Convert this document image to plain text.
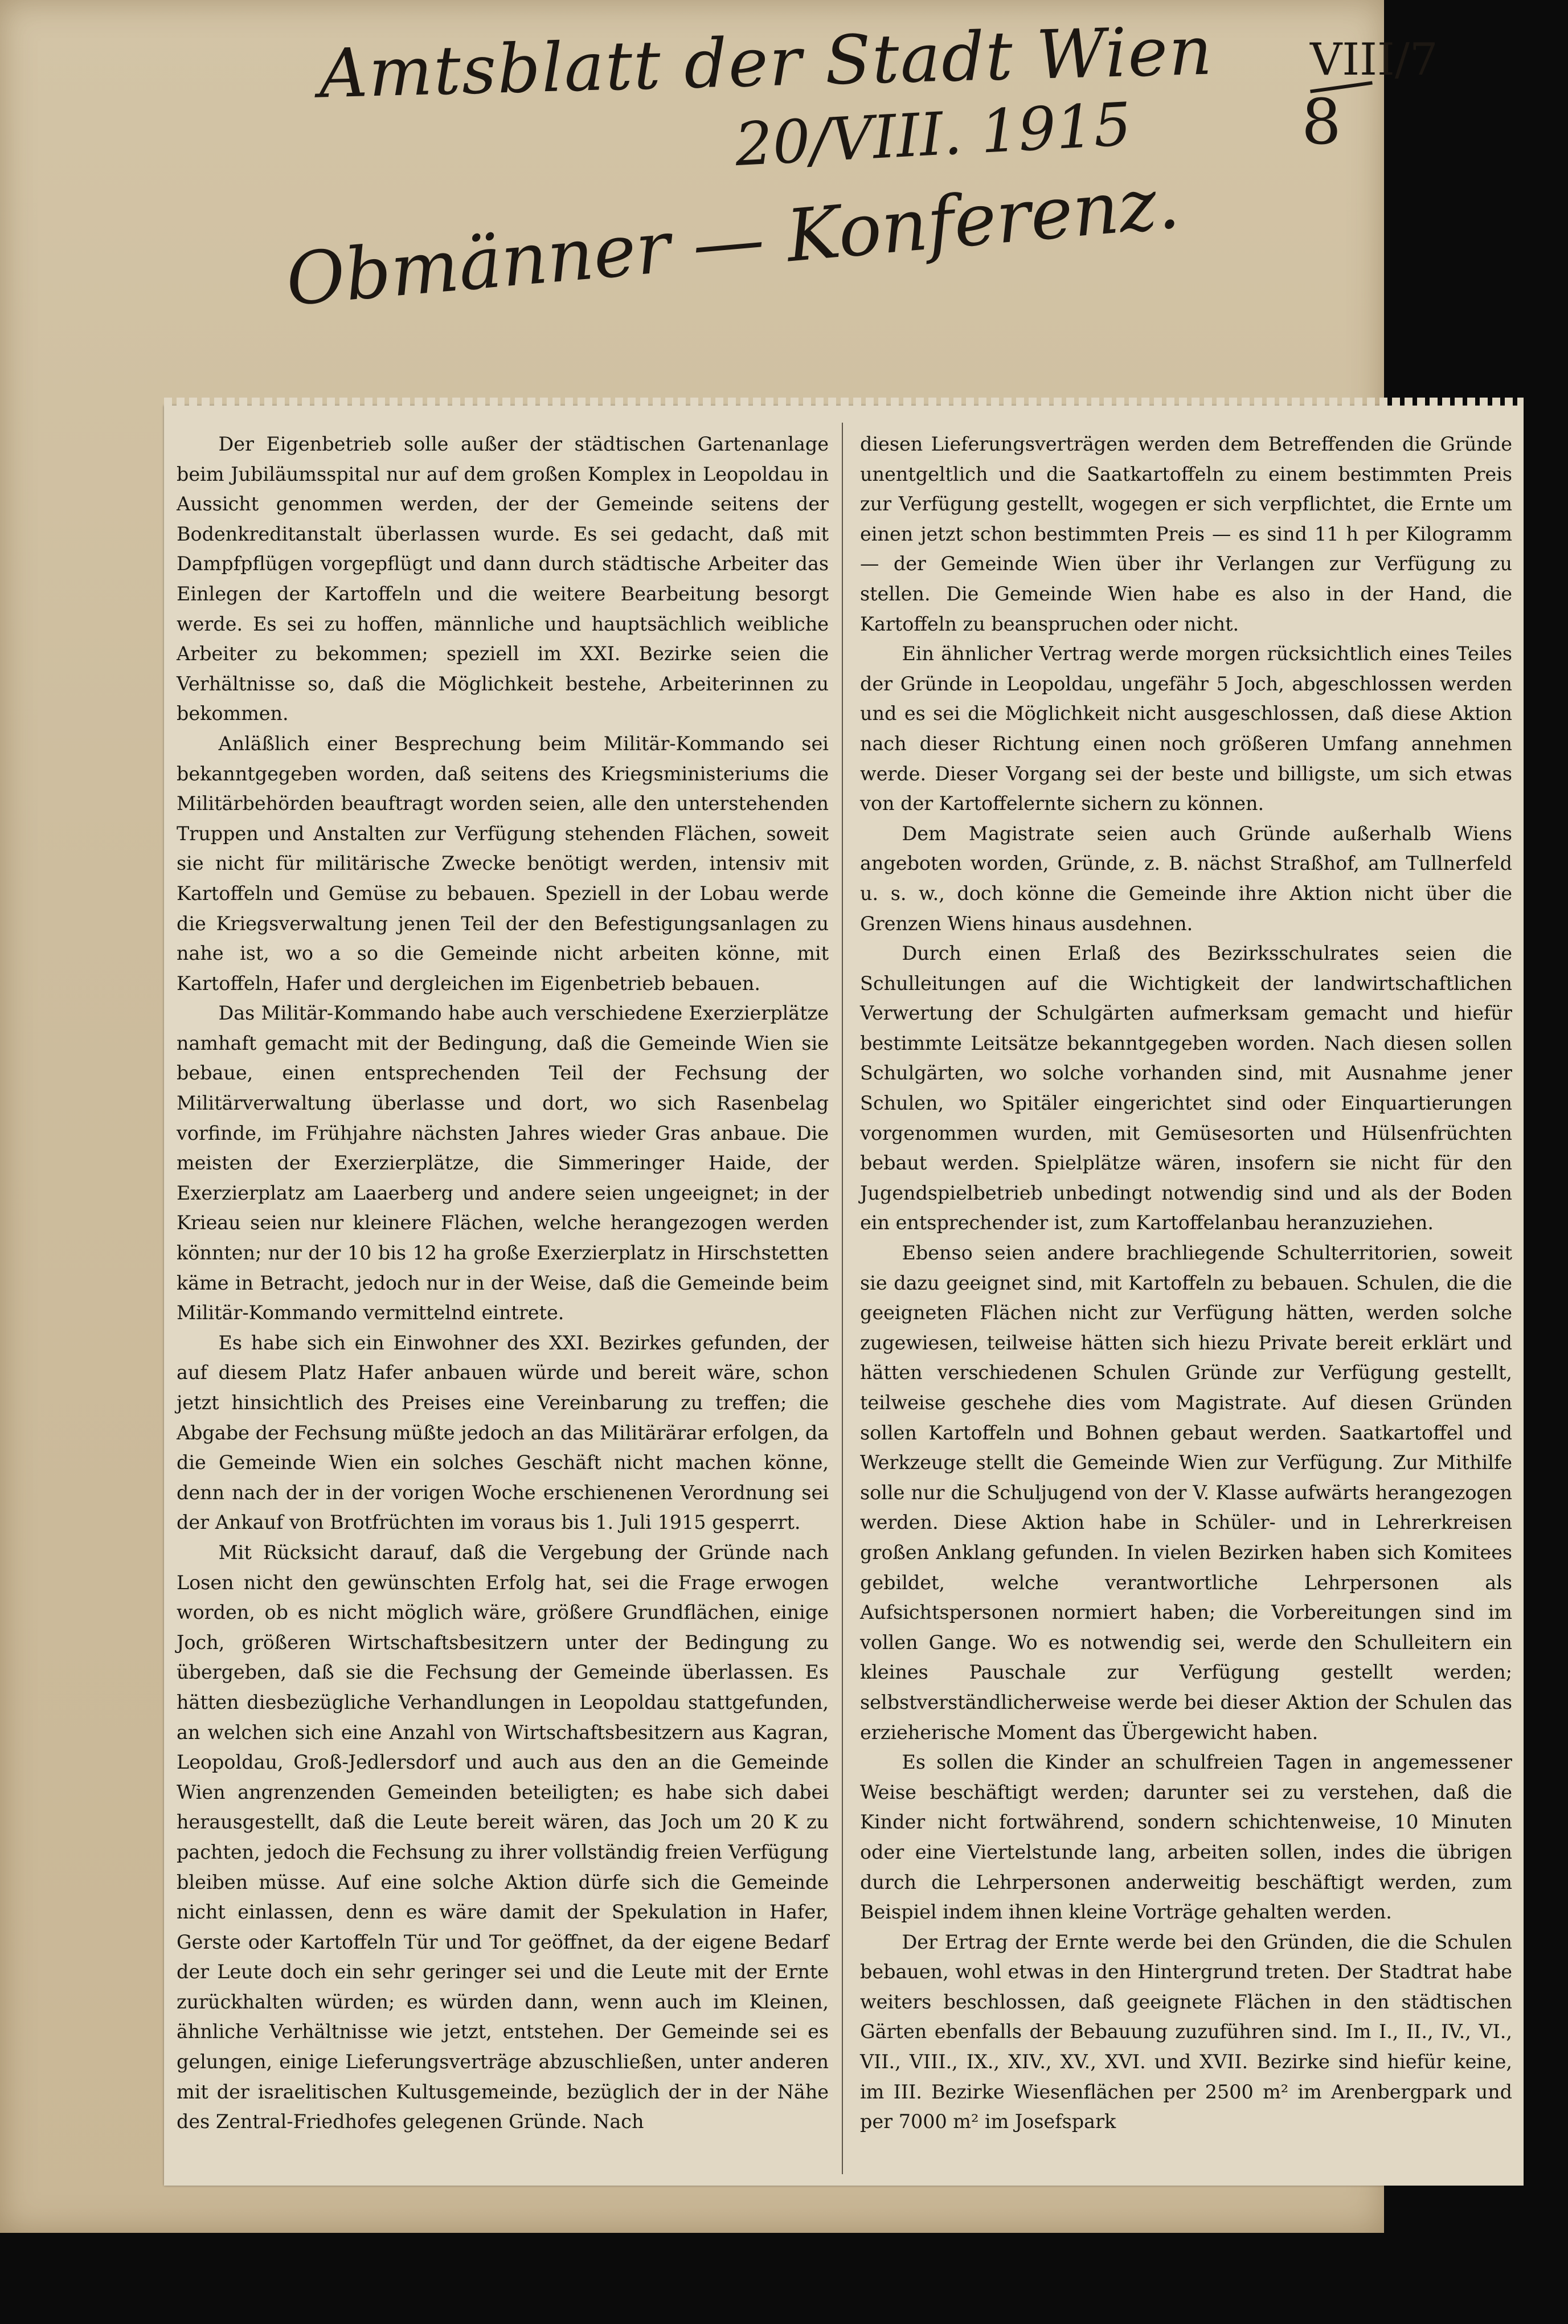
Amtsblatt der Stadt Wien
20/VIII. 1915
Obmänner — Konferenz.
VIII/7
8

Der Eigenbetrieb solle außer der städtischen Gartenanlage beim Jubiläumsspital nur auf dem großen Komplex in Leopoldau in Aussicht genommen werden, der der Gemeinde seitens der Bodenkreditanstalt überlassen wurde. Es sei gedacht, daß mit Dampfpflügen vorgepflügt und dann durch städtische Arbeiter das Einlegen der Kartoffeln und die weitere Bearbeitung besorgt werde. Es sei zu hoffen, männliche und hauptsächlich weibliche Arbeiter zu bekommen; speziell im XXI. Bezirke seien die Verhältnisse so, daß die Möglichkeit bestehe, Arbeiterinnen zu bekommen.

Anläßlich einer Besprechung beim Militär-Kommando sei bekanntgegeben worden, daß seitens des Kriegsministeriums die Militärbehörden beauftragt worden seien, alle den unterstehenden Truppen und Anstalten zur Verfügung stehenden Flächen, soweit sie nicht für militärische Zwecke benötigt werden, intensiv mit Kartoffeln und Gemüse zu bebauen. Speziell in der Lobau werde die Kriegsverwaltung jenen Teil der den Befestigungsanlagen zu nahe ist, wo a so die Gemeinde nicht arbeiten könne, mit Kartoffeln, Hafer und dergleichen im Eigenbetrieb bebauen.

Das Militär-Kommando habe auch verschiedene Exerzierplätze namhaft gemacht mit der Bedingung, daß die Gemeinde Wien sie bebaue, einen entsprechenden Teil der Fechsung der Militärverwaltung überlasse und dort, wo sich Rasenbelag vorfinde, im Frühjahre nächsten Jahres wieder Gras anbaue. Die meisten der Exerzierplätze, die Simmeringer Haide, der Exerzierplatz am Laaerberg und andere seien ungeeignet; in der Krieau seien nur kleinere Flächen, welche herangezogen werden könnten; nur der 10 bis 12 ha große Exerzierplatz in Hirschstetten käme in Betracht, jedoch nur in der Weise, daß die Gemeinde beim Militär-Kommando vermittelnd eintrete.

Es habe sich ein Einwohner des XXI. Bezirkes gefunden, der auf diesem Platz Hafer anbauen würde und bereit wäre, schon jetzt hinsichtlich des Preises eine Vereinbarung zu treffen; die Abgabe der Fechsung müßte jedoch an das Militärärar erfolgen, da die Gemeinde Wien ein solches Geschäft nicht machen könne, denn nach der in der vorigen Woche erschienenen Verordnung sei der Ankauf von Brotfrüchten im voraus bis 1. Juli 1915 gesperrt.

Mit Rücksicht darauf, daß die Vergebung der Gründe nach Losen nicht den gewünschten Erfolg hat, sei die Frage erwogen worden, ob es nicht möglich wäre, größere Grundflächen, einige Joch, größeren Wirtschaftsbesitzern unter der Bedingung zu übergeben, daß sie die Fechsung der Gemeinde überlassen. Es hätten diesbezügliche Verhandlungen in Leopoldau stattgefunden, an welchen sich eine Anzahl von Wirtschaftsbesitzern aus Kagran, Leopoldau, Groß-Jedlersdorf und auch aus den an die Gemeinde Wien angrenzenden Gemeinden beteiligten; es habe sich dabei herausgestellt, daß die Leute bereit wären, das Joch um 20 K zu pachten, jedoch die Fechsung zu ihrer vollständig freien Verfügung bleiben müsse. Auf eine solche Aktion dürfe sich die Gemeinde nicht einlassen, denn es wäre damit der Spekulation in Hafer, Gerste oder Kartoffeln Tür und Tor geöffnet, da der eigene Bedarf der Leute doch ein sehr geringer sei und die Leute mit der Ernte zurückhalten würden; es würden dann, wenn auch im Kleinen, ähnliche Verhältnisse wie jetzt, entstehen. Der Gemeinde sei es gelungen, einige Lieferungsverträge abzuschließen, unter anderen mit der israelitischen Kultusgemeinde, bezüglich der in der Nähe des Zentral-Friedhofes gelegenen Gründe. Nach

diesen Lieferungsverträgen werden dem Betreffenden die Gründe unentgeltlich und die Saatkartoffeln zu einem bestimmten Preis zur Verfügung gestellt, wogegen er sich verpflichtet, die Ernte um einen jetzt schon bestimmten Preis — es sind 11 h per Kilogramm — der Gemeinde Wien über ihr Verlangen zur Verfügung zu stellen. Die Gemeinde Wien habe es also in der Hand, die Kartoffeln zu beanspruchen oder nicht.

Ein ähnlicher Vertrag werde morgen rücksichtlich eines Teiles der Gründe in Leopoldau, ungefähr 5 Joch, abgeschlossen werden und es sei die Möglichkeit nicht ausgeschlossen, daß diese Aktion nach dieser Richtung einen noch größeren Umfang annehmen werde. Dieser Vorgang sei der beste und billigste, um sich etwas von der Kartoffelernte sichern zu können.

Dem Magistrate seien auch Gründe außerhalb Wiens angeboten worden, Gründe, z. B. nächst Straßhof, am Tullnerfeld u. s. w., doch könne die Gemeinde ihre Aktion nicht über die Grenzen Wiens hinaus ausdehnen.

Durch einen Erlaß des Bezirksschulrates seien die Schulleitungen auf die Wichtigkeit der landwirtschaftlichen Verwertung der Schulgärten aufmerksam gemacht und hiefür bestimmte Leitsätze bekanntgegeben worden. Nach diesen sollen Schulgärten, wo solche vorhanden sind, mit Ausnahme jener Schulen, wo Spitäler eingerichtet sind oder Einquartierungen vorgenommen wurden, mit Gemüsesorten und Hülsenfrüchten bebaut werden. Spielplätze wären, insofern sie nicht für den Jugendspielbetrieb unbedingt notwendig sind und als der Boden ein entsprechender ist, zum Kartoffelanbau heranzuziehen.

Ebenso seien andere brachliegende Schulterritorien, soweit sie dazu geeignet sind, mit Kartoffeln zu bebauen. Schulen, die die geeigneten Flächen nicht zur Verfügung hätten, werden solche zugewiesen, teilweise hätten sich hiezu Private bereit erklärt und hätten verschiedenen Schulen Gründe zur Verfügung gestellt, teilweise geschehe dies vom Magistrate. Auf diesen Gründen sollen Kartoffeln und Bohnen gebaut werden. Saatkartoffel und Werkzeuge stellt die Gemeinde Wien zur Verfügung. Zur Mithilfe solle nur die Schuljugend von der V. Klasse aufwärts herangezogen werden. Diese Aktion habe in Schüler- und in Lehrerkreisen großen Anklang gefunden. In vielen Bezirken haben sich Komitees gebildet, welche verantwortliche Lehrpersonen als Aufsichtspersonen normiert haben; die Vorbereitungen sind im vollen Gange. Wo es notwendig sei, werde den Schulleitern ein kleines Pauschale zur Verfügung gestellt werden; selbstverständlicherweise werde bei dieser Aktion der Schulen das erzieherische Moment das Übergewicht haben.

Es sollen die Kinder an schulfreien Tagen in angemessener Weise beschäftigt werden; darunter sei zu verstehen, daß die Kinder nicht fortwährend, sondern schichtenweise, 10 Minuten oder eine Viertelstunde lang, arbeiten sollen, indes die übrigen durch die Lehrpersonen anderweitig beschäftigt werden, zum Beispiel indem ihnen kleine Vorträge gehalten werden.

Der Ertrag der Ernte werde bei den Gründen, die die Schulen bebauen, wohl etwas in den Hintergrund treten. Der Stadtrat habe weiters beschlossen, daß geeignete Flächen in den städtischen Gärten ebenfalls der Bebauung zuzuführen sind. Im I., II., IV., VI., VII., VIII., IX., XIV., XV., XVI. und XVII. Bezirke sind hiefür keine, im III. Bezirke Wiesenflächen per 2500 m² im Arenbergpark und per 7000 m² im Josefspark
